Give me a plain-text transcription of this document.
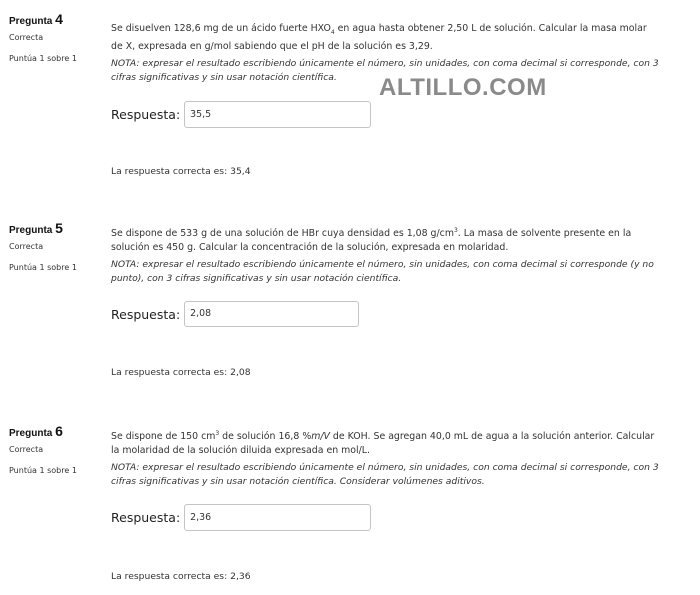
Pregunta 4
Correcta
Puntúa 1 sobre 1
Se disuelven 128,6 mg de un ácido fuerte $HXO_4$ en agua hasta obtener 2,50 L de solución. Calcular la masa molar de X, expresada en g/mol sabiendo que el pH de la solución es 3,29.
NOTA: expresar el resultado escribiendo únicamente el número, sin unidades, con coma decimal si corresponde, con 3 cifras significativas y sin usar notación científica.
Respuesta:	35,5
La respuesta correcta es: 35,4
ALTILLO.COM
Pregunta 5
Correcta
Puntúa 1 sobre 1
Se dispone de 533 g de una solución de HBr cuya densidad es 1,08 $g/cm^3$. La masa de solvente presente en la solución es 450 g. Calcular la concentración de la solución, expresada en molaridad.
NOTA: expresar el resultado escribiendo únicamente el número, sin unidades, con coma decimal si corresponde (y no punto), con 3 cifras significativas y sin usar notación científica.
Respuesta:	2,08
La respuesta correcta es: 2,08
Pregunta 6
Correcta
Puntúa 1 sobre 1
Se dispone de 150 $cm^3$ de solución 16,8 %m/V de KOH. Se agregan 40,0 mL de agua a la solución anterior. Calcular la molaridad de la solución diluida expresada en mol/L.
NOTA: expresar el resultado escribiendo únicamente el número, sin unidades, con coma decimal si corresponde, con 3 cifras significativas y sin usar notación científica. Considerar volúmenes aditivos.
Respuesta:	2,36
La respuesta correcta es: 2,36
